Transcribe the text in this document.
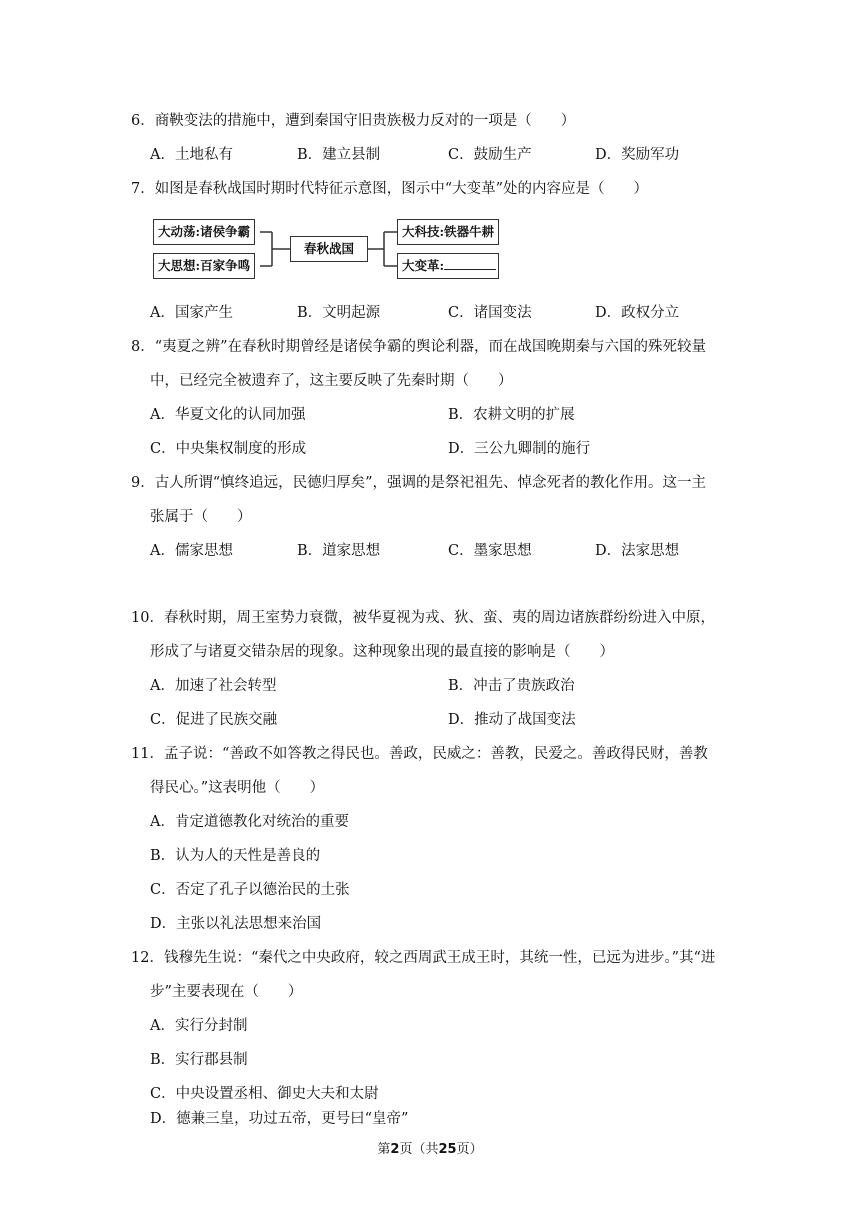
6．商鞅变法的措施中，遭到秦国守旧贵族极力反对的一项是（　　）
A．土地私有	B．建立县制	C．鼓励生产	D．奖励军功
7．如图是春秋战国时期时代特征示意图，图示中“大变革”处的内容应是（　　）
大动荡:诸侯争霸
大思想:百家争鸣
春秋战国
大科技:铁器牛耕
大变革:
A．国家产生	B．文明起源	C．诸国变法	D．政权分立
8．“夷夏之辨”在春秋时期曾经是诸侯争霸的舆论利器，而在战国晚期秦与六国的殊死较量
中，已经完全被遗弃了，这主要反映了先秦时期（　　）
A．华夏文化的认同加强	B．农耕文明的扩展
C．中央集权制度的形成	D．三公九卿制的施行
9．古人所谓“慎终追远，民德归厚矣”，强调的是祭祀祖先、悼念死者的教化作用。这一主
张属于（　　）
A．儒家思想	B．道家思想	C．墨家思想	D．法家思想
10．春秋时期，周王室势力衰微，被华夏视为戎、狄、蛮、夷的周边诸族群纷纷进入中原，
形成了与诸夏交错杂居的现象。这种现象出现的最直接的影响是（　　）
A．加速了社会转型	B．冲击了贵族政治
C．促进了民族交融	D．推动了战国变法
11．孟子说：“善政不如答教之得民也。善政，民威之：善教，民爱之。善政得民财，善教
得民心。”这表明他（　　）
A．肯定道德教化对统治的重要
B．认为人的天性是善良的
C．否定了孔子以德治民的土张
D．主张以礼法思想来治国
12．钱穆先生说：“秦代之中央政府，较之西周武王成王时，其统一性，已远为进步。”其“进
步”主要表现在（　　）
A．实行分封制
B．实行郡县制
C．中央设置丞相、御史大夫和太尉
D．德兼三皇，功过五帝，更号曰“皇帝”
第2页（共25页）
